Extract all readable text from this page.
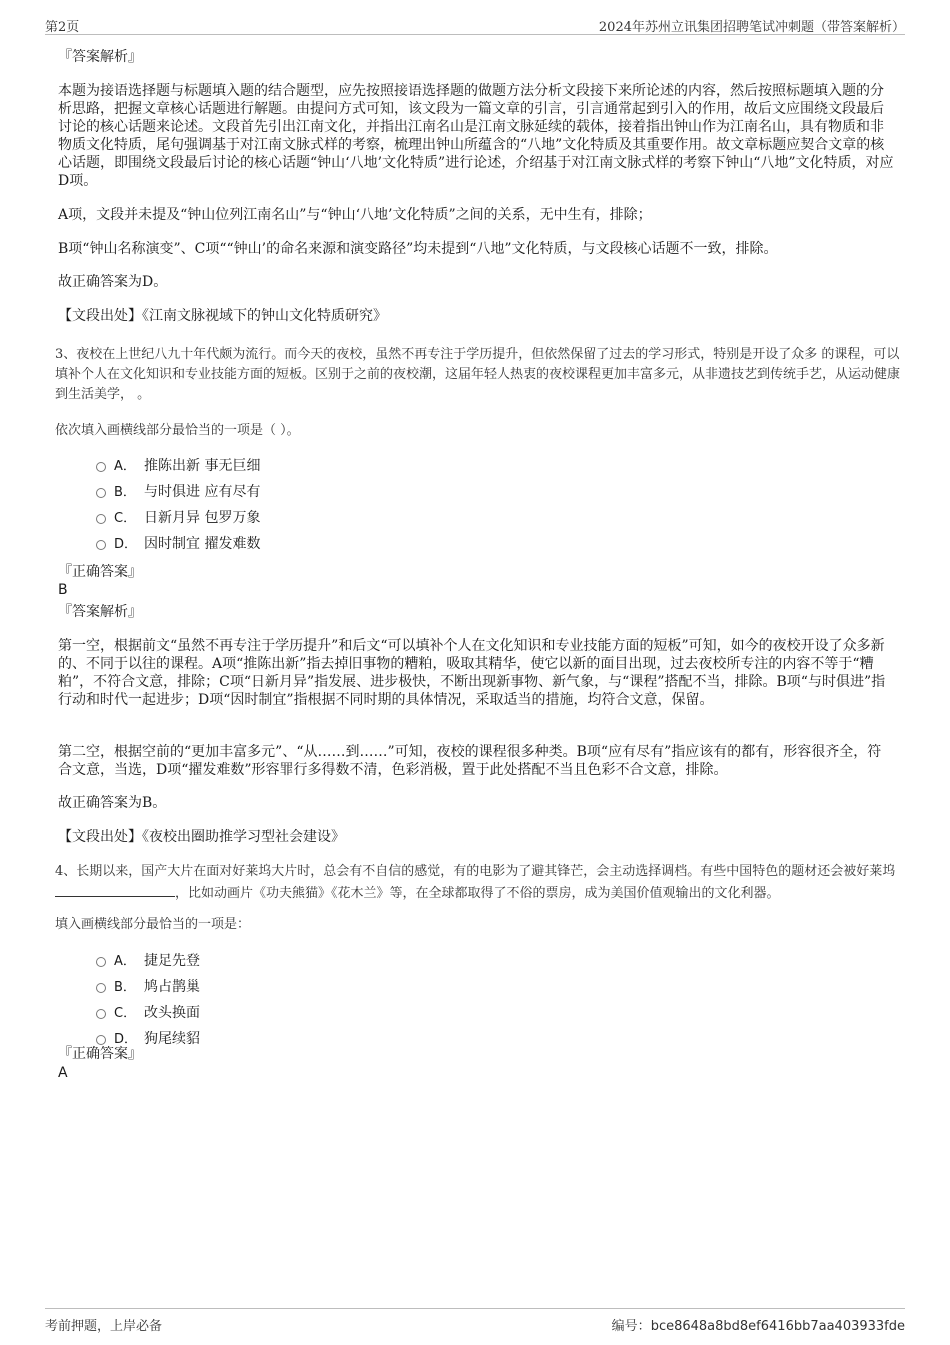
第2页	2024年苏州立讯集团招聘笔试冲刺题（带答案解析）
『答案解析』
本题为接语选择题与标题填入题的结合题型，应先按照接语选择题的做题方法分析文段接下来所论述的内容，然后按照标题填入题的分析思路，把握文章核心话题进行解题。由提问方式可知，该文段为一篇文章的引言，引言通常起到引入的作用，故后文应围绕文段最后讨论的核心话题来论述。文段首先引出江南文化，并指出江南名山是江南文脉延续的载体，接着指出钟山作为江南名山，具有物质和非物质文化特质，尾句强调基于对江南文脉式样的考察，梳理出钟山所蕴含的“八地”文化特质及其重要作用。故文章标题应契合文章的核心话题，即围绕文段最后讨论的核心话题“钟山‘八地’文化特质”进行论述，介绍基于对江南文脉式样的考察下钟山“八地”文化特质，对应D项。
A项，文段并未提及“钟山位列江南名山”与“钟山‘八地’文化特质”之间的关系，无中生有，排除；
B项“钟山名称演变”、C项““钟山’的命名来源和演变路径”均未提到“八地”文化特质，与文段核心话题不一致，排除。
故正确答案为D。
【文段出处】《江南文脉视域下的钟山文化特质研究》
3、夜校在上世纪八九十年代颇为流行。而今天的夜校，虽然不再专注于学历提升，但依然保留了过去的学习形式，特别是开设了众多 的课程，可以填补个人在文化知识和专业技能方面的短板。区别于之前的夜校潮，这届年轻人热衷的夜校课程更加丰富多元，从非遗技艺到传统手艺，从运动健康到生活美学， 。
依次填入画横线部分最恰当的一项是（ ）。
A． 推陈出新 事无巨细
B． 与时俱进 应有尽有
C． 日新月异 包罗万象
D． 因时制宜 擢发难数
『正确答案』
B
『答案解析』
第一空，根据前文“虽然不再专注于学历提升”和后文“可以填补个人在文化知识和专业技能方面的短板”可知，如今的夜校开设了众多新的、不同于以往的课程。A项“推陈出新”指去掉旧事物的糟粕，吸取其精华，使它以新的面目出现，过去夜校所专注的内容不等于“糟粕”，不符合文意，排除；C项“日新月异”指发展、进步极快，不断出现新事物、新气象，与“课程”搭配不当，排除。B项“与时俱进”指行动和时代一起进步；D项“因时制宜”指根据不同时期的具体情况，采取适当的措施，均符合文意，保留。
第二空，根据空前的“更加丰富多元”、“从……到……”可知，夜校的课程很多种类。B项“应有尽有”指应该有的都有，形容很齐全，符合文意，当选，D项“擢发难数”形容罪行多得数不清，色彩消极，置于此处搭配不当且色彩不合文意，排除。
故正确答案为B。
【文段出处】《夜校出圈助推学习型社会建设》
4、长期以来，国产大片在面对好莱坞大片时，总会有不自信的感觉，有的电影为了避其锋芒，会主动选择调档。有些中国特色的题材还会被好莱坞 ，比如动画片《功夫熊猫》《花木兰》等，在全球都取得了不俗的票房，成为美国价值观输出的文化利器。
填入画横线部分最恰当的一项是：
A． 捷足先登
B． 鸠占鹊巢
C． 改头换面
D． 狗尾续貂
『正确答案』
A
考前押题，上岸必备	编号：bce8648a8bd8ef6416bb7aa403933fde
